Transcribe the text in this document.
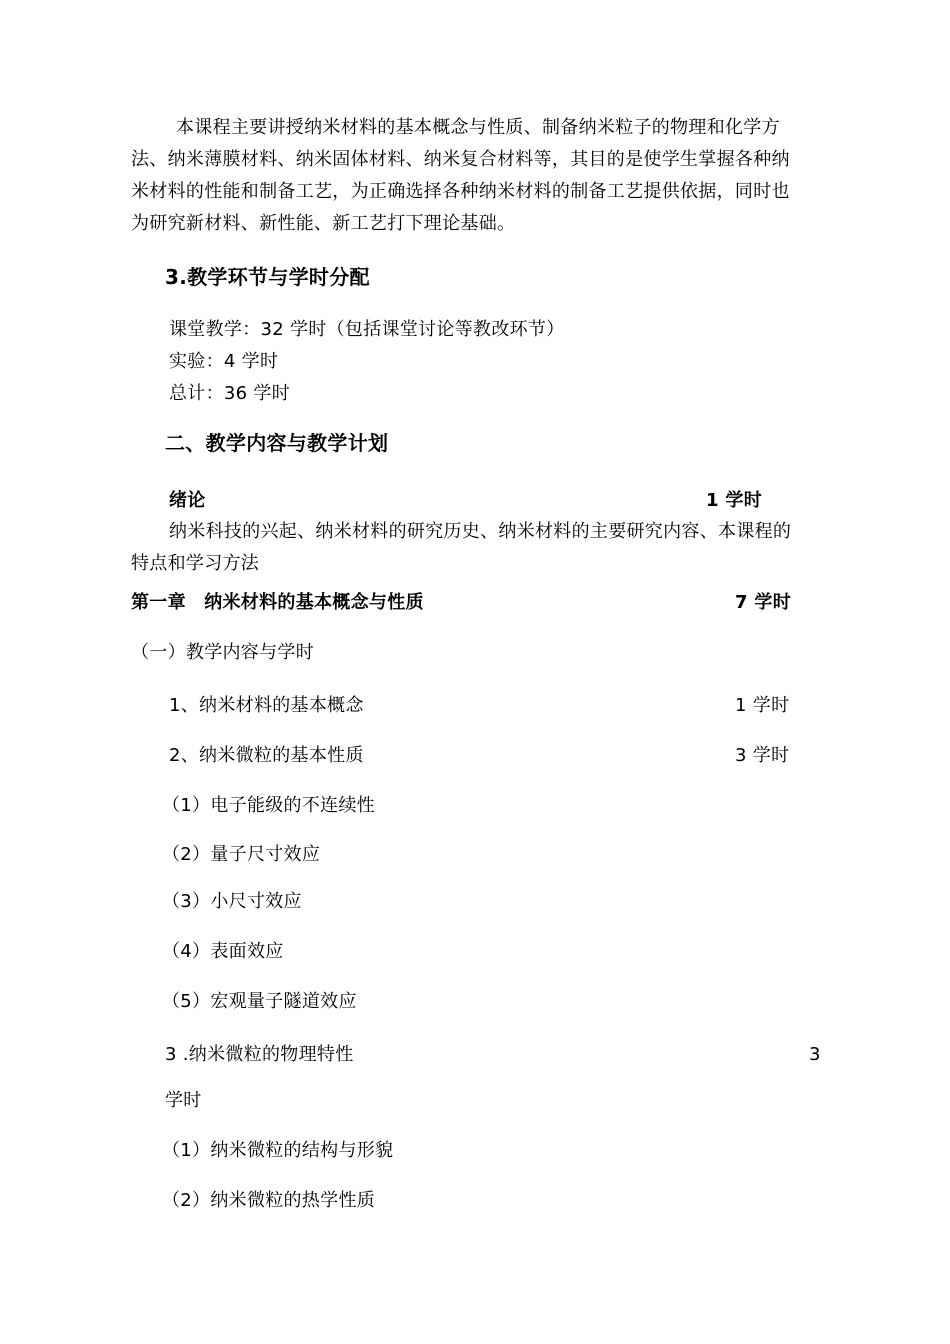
本课程主要讲授纳米材料的基本概念与性质、制备纳米粒子的物理和化学方
法、纳米薄膜材料、纳米固体材料、纳米复合材料等，其目的是使学生掌握各种纳
米材料的性能和制备工艺，为正确选择各种纳米材料的制备工艺提供依据，同时也
为研究新材料、新性能、新工艺打下理论基础。
3.教学环节与学时分配
课堂教学：32 学时（包括课堂讨论等教改环节）
实验：4 学时
总计：36 学时
二、教学内容与教学计划
绪论	1 学时
纳米科技的兴起、纳米材料的研究历史、纳米材料的主要研究内容、本课程的
特点和学习方法
第一章　纳米材料的基本概念与性质	7 学时
（一）教学内容与学时
1、纳米材料的基本概念	1 学时
2、纳米微粒的基本性质	3 学时
（1）电子能级的不连续性
（2）量子尺寸效应
（3）小尺寸效应
（4）表面效应
（5）宏观量子隧道效应
3 .纳米微粒的物理特性	3
学时
（1）纳米微粒的结构与形貌
（2）纳米微粒的热学性质
